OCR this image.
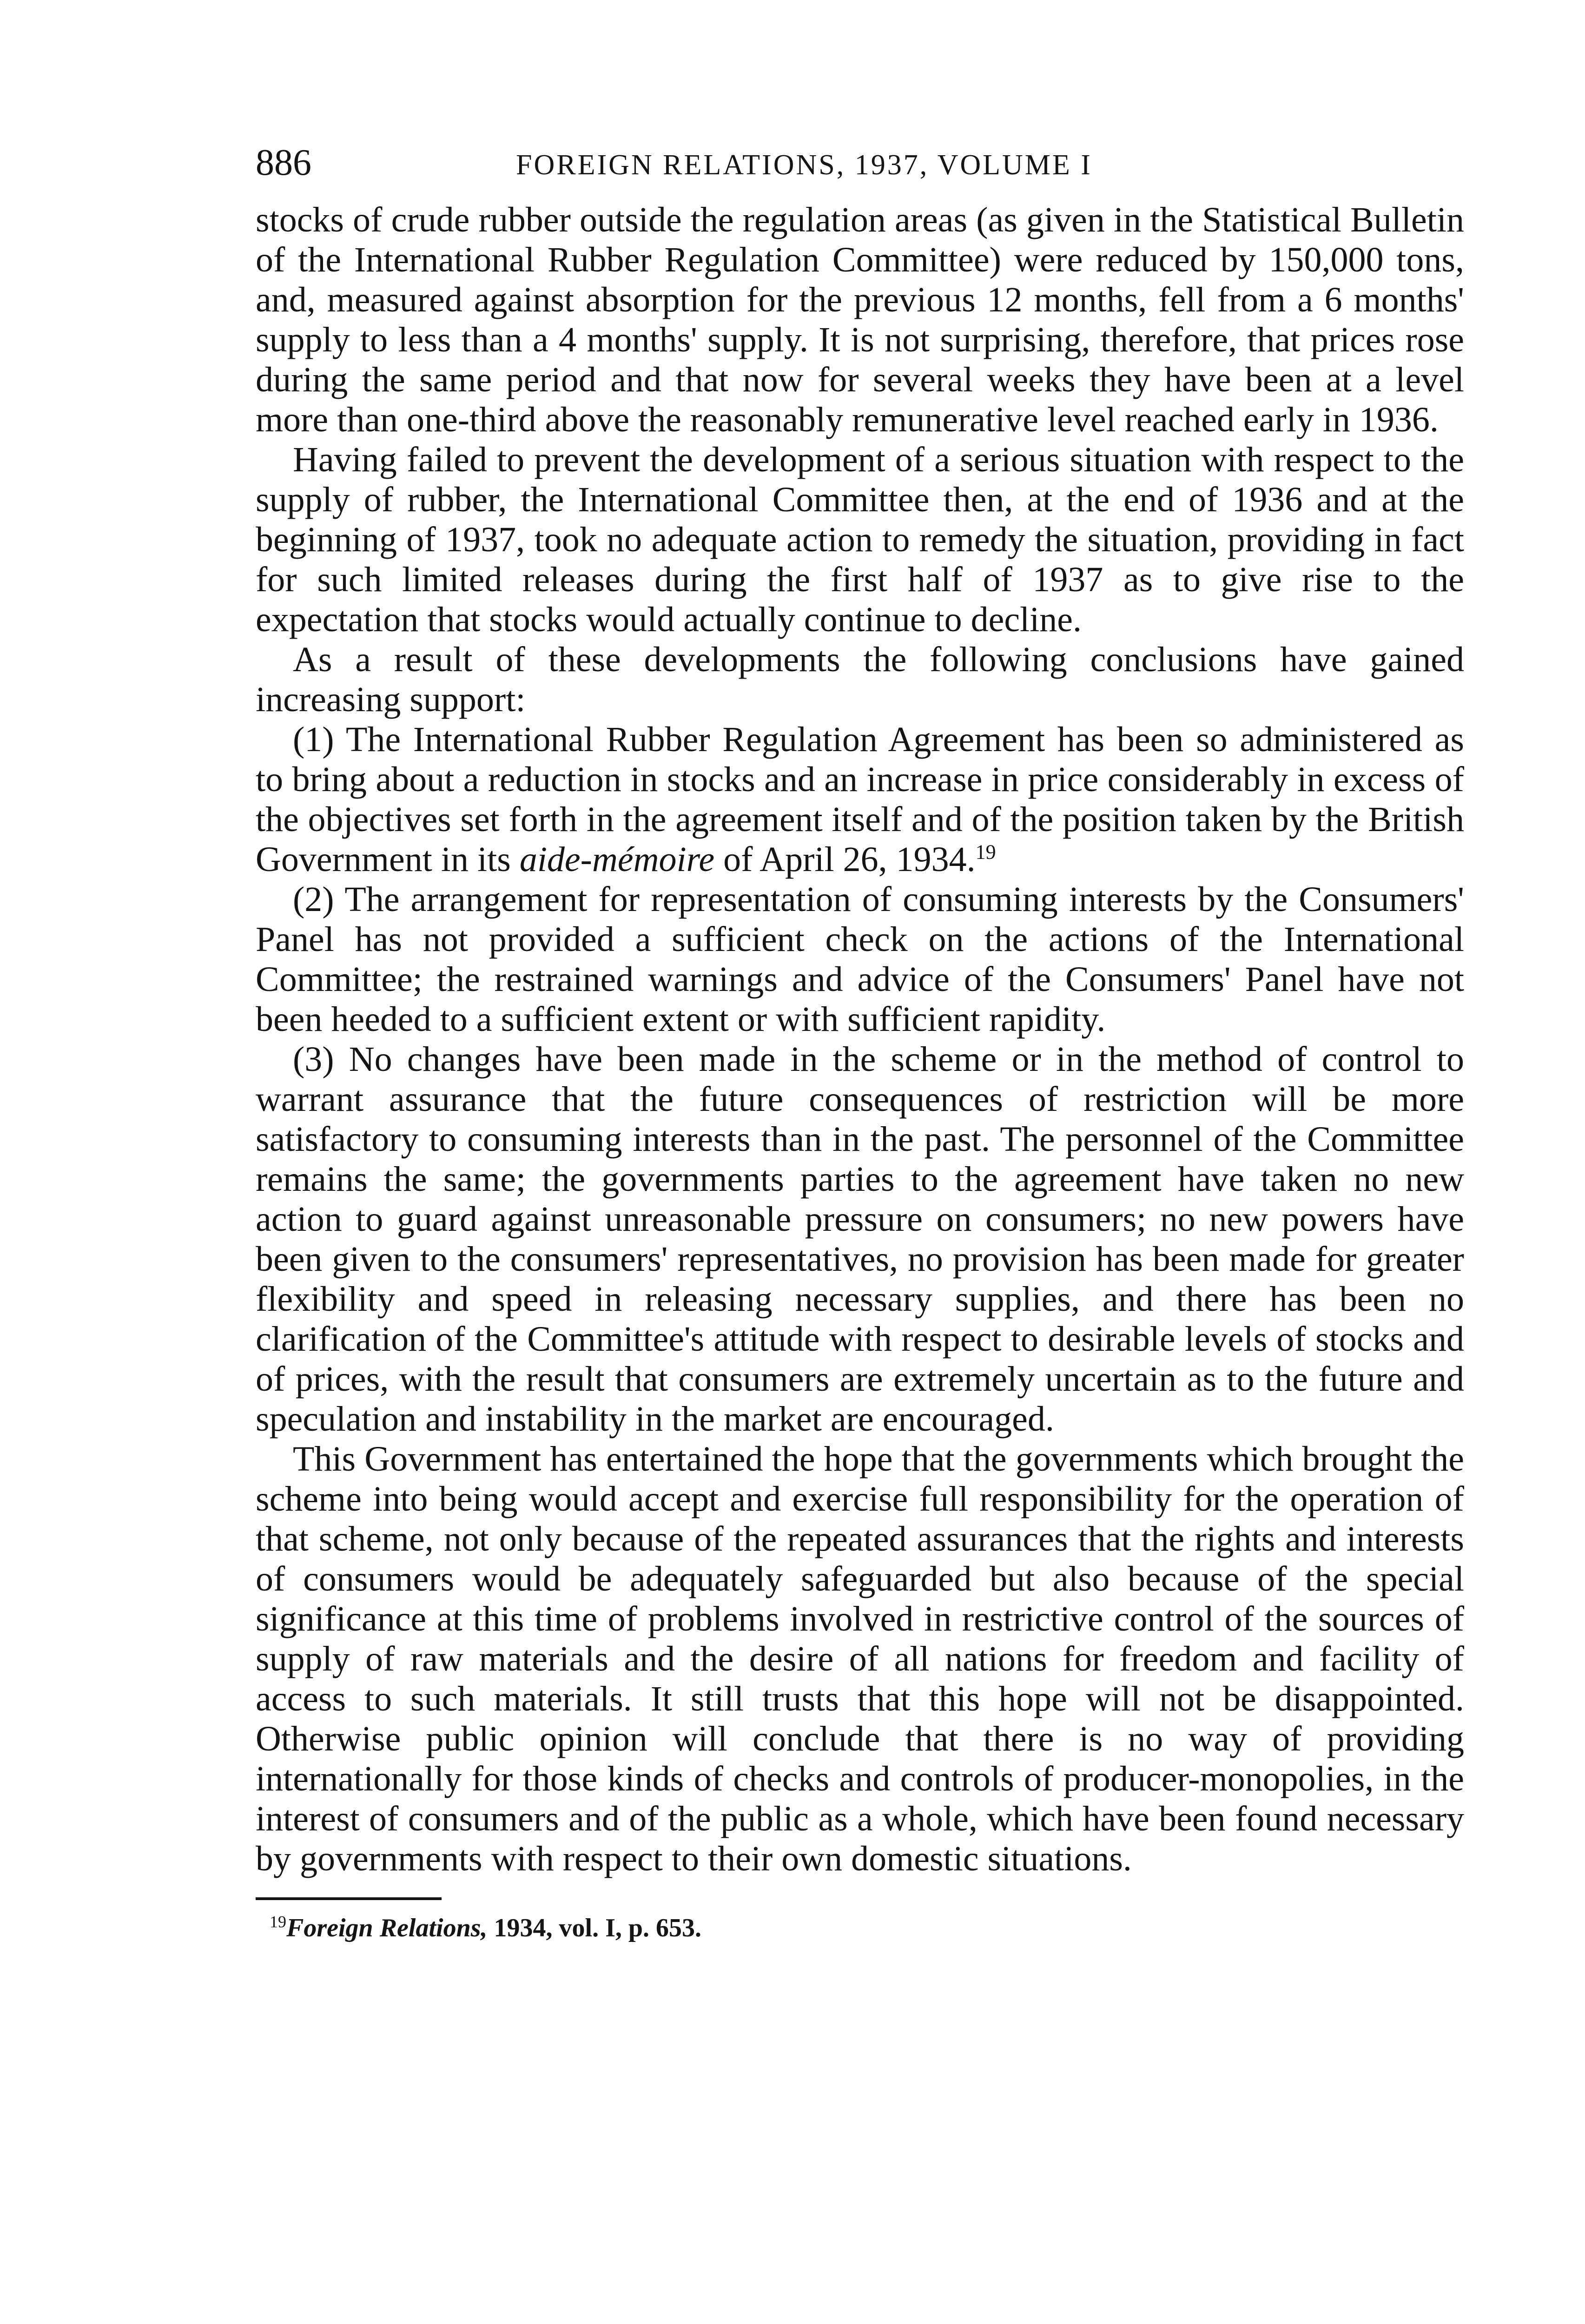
886	FOREIGN RELATIONS, 1937, VOLUME I

stocks of crude rubber outside the regulation areas (as given in the Statistical Bulletin of the International Rubber Regulation Committee) were reduced by 150,000 tons, and, measured against absorption for the previous 12 months, fell from a 6 months' supply to less than a 4 months' supply. It is not surprising, therefore, that prices rose during the same period and that now for several weeks they have been at a level more than one-third above the reasonably remunerative level reached early in 1936.

Having failed to prevent the development of a serious situation with respect to the supply of rubber, the International Committee then, at the end of 1936 and at the beginning of 1937, took no adequate action to remedy the situation, providing in fact for such limited releases during the first half of 1937 as to give rise to the expectation that stocks would actually continue to decline.

As a result of these developments the following conclusions have gained increasing support:

(1) The International Rubber Regulation Agreement has been so administered as to bring about a reduction in stocks and an increase in price considerably in excess of the objectives set forth in the agreement itself and of the position taken by the British Government in its aide-mémoire of April 26, 1934.19

(2) The arrangement for representation of consuming interests by the Consumers' Panel has not provided a sufficient check on the actions of the International Committee; the restrained warnings and advice of the Consumers' Panel have not been heeded to a sufficient extent or with sufficient rapidity.

(3) No changes have been made in the scheme or in the method of control to warrant assurance that the future consequences of restriction will be more satisfactory to consuming interests than in the past. The personnel of the Committee remains the same; the governments parties to the agreement have taken no new action to guard against unreasonable pressure on consumers; no new powers have been given to the consumers' representatives, no provision has been made for greater flexibility and speed in releasing necessary supplies, and there has been no clarification of the Committee's attitude with respect to desirable levels of stocks and of prices, with the result that consumers are extremely uncertain as to the future and speculation and instability in the market are encouraged.

This Government has entertained the hope that the governments which brought the scheme into being would accept and exercise full responsibility for the operation of that scheme, not only because of the repeated assurances that the rights and interests of consumers would be adequately safeguarded but also because of the special significance at this time of problems involved in restrictive control of the sources of supply of raw materials and the desire of all nations for freedom and facility of access to such materials. It still trusts that this hope will not be disappointed. Otherwise public opinion will conclude that there is no way of providing internationally for those kinds of checks and controls of producer-monopolies, in the interest of consumers and of the public as a whole, which have been found necessary by governments with respect to their own domestic situations.

$^{19}$Foreign Relations, 1934, vol. I, p. 653.
